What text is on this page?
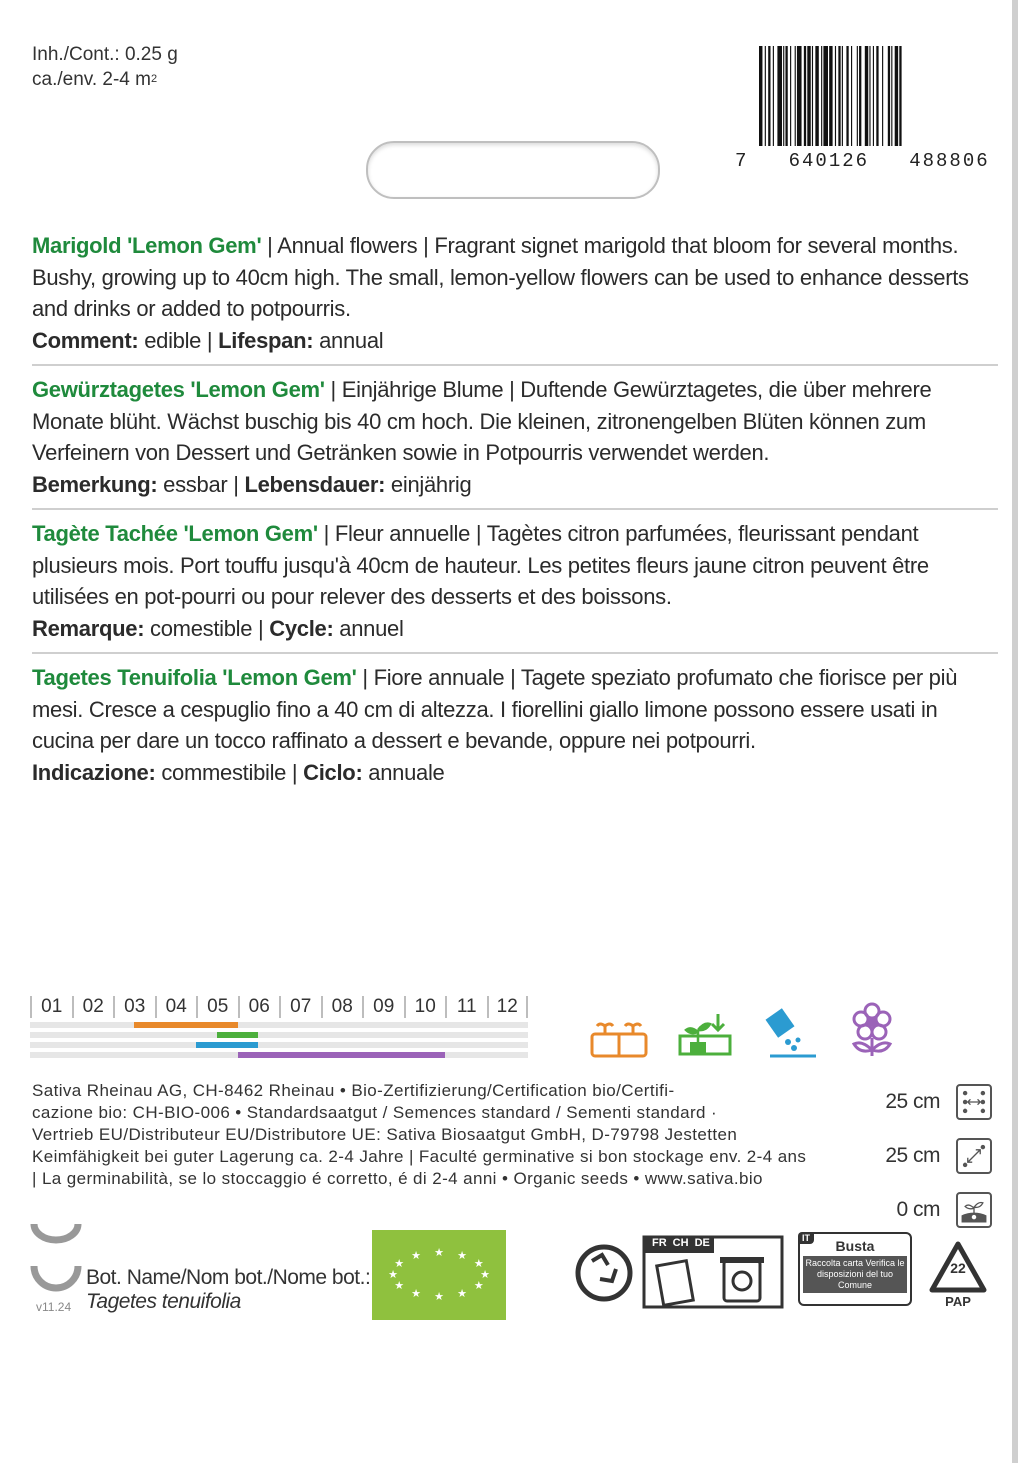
Inh./Cont.: 0.25 g
ca./env. 2-4 $m^2$
7   640126   488806
Marigold 'Lemon Gem' | Annual flowers | Fragrant signet marigold that bloom for several months. Bushy, growing up to 40cm high. The small, lemon-yellow flowers can be used to enhance desserts and drinks or added to potpourris.
Comment: edible | Lifespan: annual
Gewürztagetes 'Lemon Gem' | Einjährige Blume | Duftende Gewürztagetes, die über mehrere Monate blüht. Wächst buschig bis 40 cm hoch. Die kleinen, zitronengelben Blüten können zum Verfeinern von Dessert und Getränken sowie in Potpourris verwendet werden.
Bemerkung: essbar | Lebensdauer: einjährig
Tagète Tachée 'Lemon Gem' | Fleur annuelle | Tagètes citron parfumées, fleurissant pendant plusieurs mois. Port touffu jusqu'à 40cm de hauteur. Les petites fleurs jaune citron peuvent être utilisées en pot-pourri ou pour relever des desserts et des boissons.
Remarque: comestible | Cycle: annuel
Tagetes Tenuifolia 'Lemon Gem' | Fiore annuale | Tagete speziato profumato che fiorisce per più mesi. Cresce a cespuglio fino a 40 cm di altezza. I fiorellini giallo limone possono essere usati in cucina per dare un tocco raffinato a dessert e bevande, oppure nei potpourri.
Indicazione: commestibile | Ciclo: annuale
01	02	03	04	05	06	07	08	09	10	11	12
Sativa Rheinau AG, CH-8462 Rheinau • Bio-Zertifizierung/Certification bio/Certifi-
cazione bio: CH-BIO-006 • Standardsaatgut / Semences standard / Sementi standard ·
Vertrieb EU/Distributeur EU/Distributore UE: Sativa Biosaatgut GmbH, D-79798 Jestetten
Keimfähigkeit bei guter Lagerung ca. 2-4 Jahre | Faculté germinative si bon stockage env. 2-4 ans
| La germinabilità, se lo stoccaggio é corretto, é di 2-4 anni • Organic seeds • www.sativa.bio
25 cm
25 cm
0 cm
Bot. Name/Nom bot./Nome bot.:
Tagetes tenuifolia
v11.24
★
★
★
★
★
★
★
★
★ ★ ★
★
FR CH DE	IT	Busta
Raccolta carta Verifica le disposizioni del tuo Comune
22
PAP
